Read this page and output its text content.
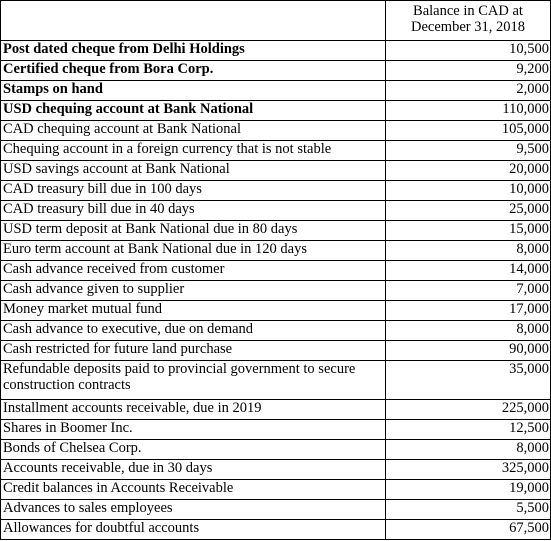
	Balance in CAD at
December 31, 2018

Post dated cheque from Delhi Holdings	10,500
Certified cheque from Bora Corp.	9,200
Stamps on hand	2,000
USD chequing account at Bank National	110,000
CAD chequing account at Bank National	105,000
Chequing account in a foreign currency that is not stable	9,500
USD savings account at Bank National	20,000
CAD treasury bill due in 100 days	10,000
CAD treasury bill due in 40 days	25,000
USD term deposit at Bank National due in 80 days	15,000
Euro term account at Bank National due in 120 days	8,000
Cash advance received from customer	14,000
Cash advance given to supplier	7,000
Money market mutual fund	17,000
Cash advance to executive, due on demand	8,000
Cash restricted for future land purchase	90,000
Refundable deposits paid to provincial government to secure construction contracts	35,000
Installment accounts receivable, due in 2019	225,000
Shares in Boomer Inc.	12,500
Bonds of Chelsea Corp.	8,000
Accounts receivable, due in 30 days	325,000
Credit balances in Accounts Receivable	19,000
Advances to sales employees	5,500
Allowances for doubtful accounts	67,500
